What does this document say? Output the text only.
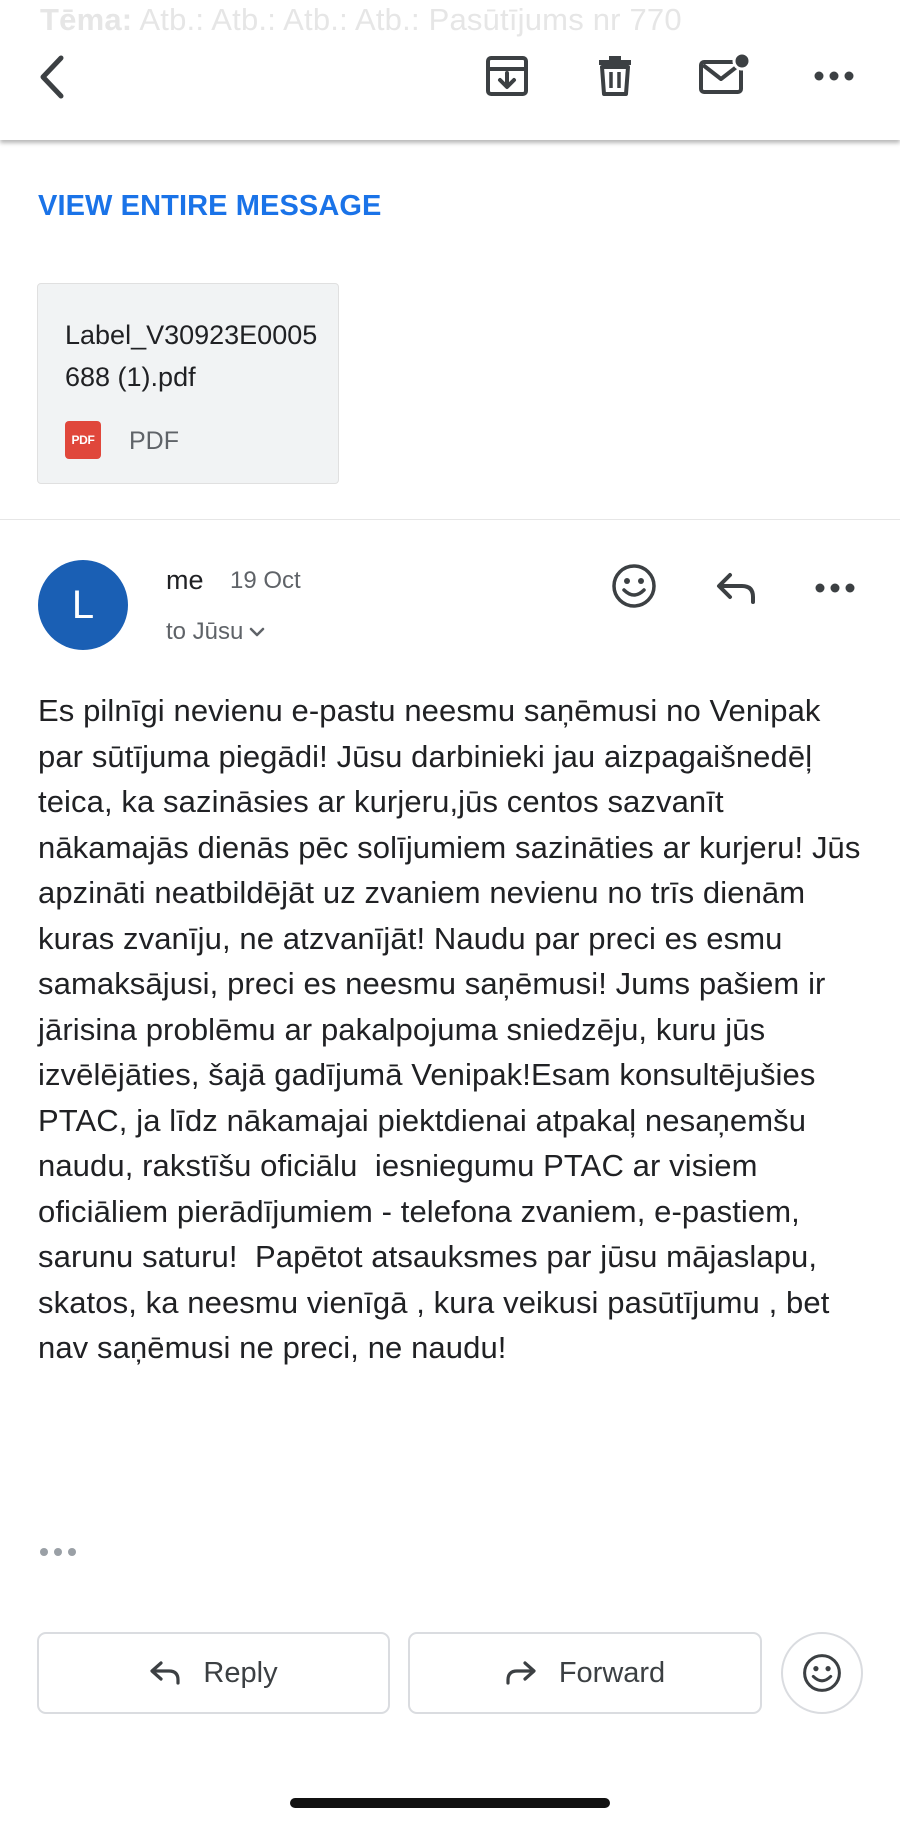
Tēma: Atb.: Atb.: Atb.: Atb.: Pasūtījums nr 770
VIEW ENTIRE MESSAGE
Label_V30923E0005688 (1).pdf
PDF PDF
L
me 19 Oct
to Jūsu
Es pilnīgi nevienu e-pastu neesmu saņēmusi no Venipak par sūtījuma piegādi! Jūsu darbinieki jau aizpagaišnedēļ teica, ka sazināsies ar kurjeru,jūs centos sazvanīt nākamajās dienās pēc solījumiem sazināties ar kurjeru! Jūs apzināti neatbildējāt uz zvaniem nevienu no trīs dienām kuras zvanīju, ne atzvanījāt! Naudu par preci es esmu samaksājusi, preci es neesmu saņēmusi! Jums pašiem ir jārisina problēmu ar pakalpojuma sniedzēju, kuru jūs izvēlējāties, šajā gadījumā Venipak!Esam konsultējušies PTAC, ja līdz nākamajai piektdienai atpakaļ nesaņemšu naudu, rakstīšu oficiālu  iesniegumu PTAC ar visiem oficiāliem pierādījumiem - telefona zvaniem, e-pastiem, sarunu saturu!  Papētot atsauksmes par jūsu mājaslapu, skatos, ka neesmu vienīgā , kura veikusi pasūtījumu , bet nav saņēmusi ne preci, ne naudu!
Reply	Forward
